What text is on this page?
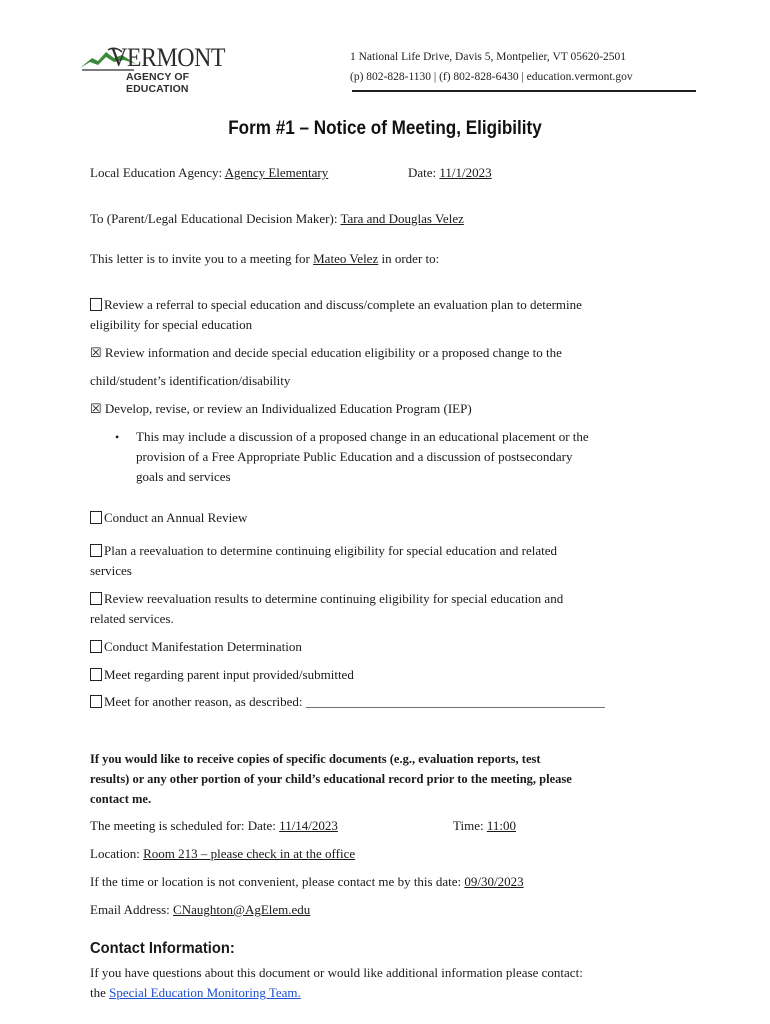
VERMONT
AGENCY OF EDUCATION
1 National Life Drive, Davis 5, Montpelier, VT 05620-2501
(p) 802-828-1130 | (f) 802-828-6430 | education.vermont.gov
Form #1 – Notice of Meeting, Eligibility
Local Education Agency: Agency Elementary	Date: 11/1/2023
To (Parent/Legal Educational Decision Maker): Tara and Douglas Velez
This letter is to invite you to a meeting for Mateo Velez in order to:
Review a referral to special education and discuss/complete an evaluation plan to determine
eligibility for special education
☒ Review information and decide special education eligibility or a proposed change to the
child/student’s identification/disability
☒ Develop, revise, or review an Individualized Education Program (IEP)
• This may include a discussion of a proposed change in an educational placement or the
provision of a Free Appropriate Public Education and a discussion of postsecondary
goals and services
Conduct an Annual Review
Plan a reevaluation to determine continuing eligibility for special education and related
services
Review reevaluation results to determine continuing eligibility for special education and
related services.
Conduct Manifestation Determination
Meet regarding parent input provided/submitted
Meet for another reason, as described: ______________________________________________
If you would like to receive copies of specific documents (e.g., evaluation reports, test
results) or any other portion of your child’s educational record prior to the meeting, please
contact me.
The meeting is scheduled for: Date: 11/14/2023	Time: 11:00
Location: Room 213 – please check in at the office
If the time or location is not convenient, please contact me by this date: 09/30/2023
Email Address: CNaughton@AgElem.edu
Contact Information:
If you have questions about this document or would like additional information please contact:
the Special Education Monitoring Team.
